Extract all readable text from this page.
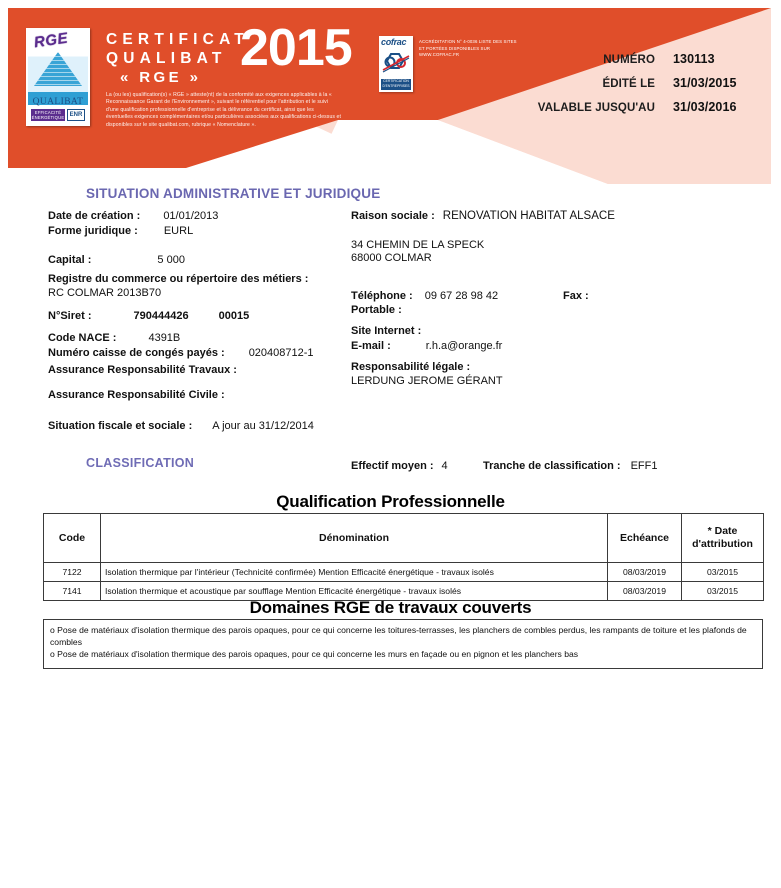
RGE
QUALIBAT
EFFICACITÉ ÉNERGÉTIQUE ENR
CERTIFICAT
QUALIBAT
« RGE »
2015
La (ou les) qualification(s) « RGE » atteste(nt) de la conformité aux exigences applicables à la « Reconnaissance Garant de l'Environnement », suivant le référentiel pour l'attribution et le suivi d'une qualification professionnelle d'entreprise et la délivrance du certificat, ainsi que les éventuelles exigences complémentaires et/ou particulières associées aux qualifications ci-dessus et disponibles sur le site qualibat.com, rubrique « Nomenclature ».
cofrac
CERTIFICATION D'ENTREPRISES
ACCRÉDITATION N° 4-0036 LISTE DES SITES ET PORTÉES DISPONIBLES SUR WWW.COFRAC.FR	NUMÉRO 130113
ÉDITÉ LE 31/03/2015
VALABLE JUSQU'AU 31/03/2016
SITUATION ADMINISTRATIVE ET JURIDIQUE
Date de création : 01/01/2013
Forme juridique : EURL
Capital :	5 000
Registre du commerce ou répertoire des métiers :
RC COLMAR 2013B70
N°Siret :	790444426	00015
Code NACE :	4391B
Numéro caisse de congés payés : 020408712-1
Assurance Responsabilité Travaux :
Assurance Responsabilité Civile :
Situation fiscale et sociale : A jour au 31/12/2014
Raison sociale : RENOVATION HABITAT ALSACE
34 CHEMIN DE LA SPECK
68000 COLMAR
Téléphone : 09 67 28 98 42	Fax :
Portable :
Site Internet :
E-mail :	r.h.a@orange.fr
Responsabilité légale :
LERDUNG JEROME GÉRANT
CLASSIFICATION	Effectif moyen : 4	Tranche de classification : EFF1
Qualification Professionnelle
Code	Dénomination	Echéance	* Date
d'attribution
7122	Isolation thermique par l'intérieur (Technicité confirmée) Mention Efficacité énergétique - travaux isolés	08/03/2019	03/2015
7141	Isolation thermique et acoustique par soufflage Mention Efficacité énergétique - travaux isolés	08/03/2019	03/2015
Domaines RGE de travaux couverts

o Pose de matériaux d'isolation thermique des parois opaques, pour ce qui concerne les toitures-terrasses, les planchers de combles perdus, les rampants de toiture et les plafonds de combles

o Pose de matériaux d'isolation thermique des parois opaques, pour ce qui concerne les murs en façade ou en pignon et les planchers bas
